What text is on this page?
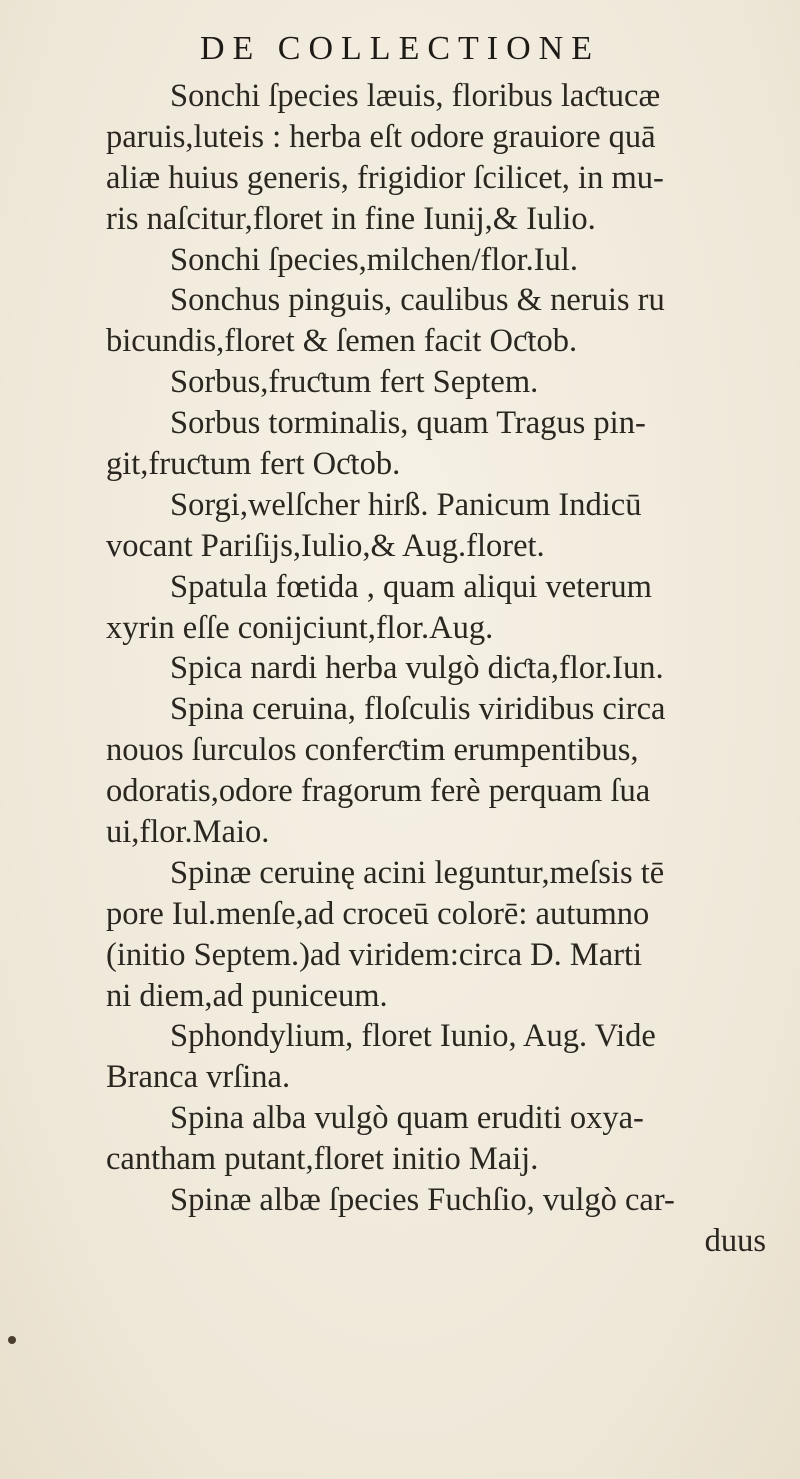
DE COLLECTIONE
Sonchi ſpecies læuis, floribus laƈtucæ
paruis,luteis : herba eſt odore grauiore quā
aliæ huius generis, frigidior ſcilicet, in mu-
ris naſcitur,floret in fine Iunij,& Iulio.
Sonchi ſpecies,milchen/flor.Iul.
Sonchus pinguis, caulibus & neruis ru
bicundis,floret & ſemen facit Oƈtob.
Sorbus,fruƈtum fert Septem.
Sorbus torminalis, quam Tragus pin-
git,fruƈtum fert Oƈtob.
Sorgi,welſcher hirß. Panicum Indicū
vocant Pariſijs,Iulio,& Aug.floret.
Spatula fœtida , quam aliqui veterum
xyrin eſſe conijciunt,flor.Aug.
Spica nardi herba vulgò diƈta,flor.Iun.
Spina ceruina, floſculis viridibus circa
nouos ſurculos conferƈtim erumpentibus,
odoratis,odore fragorum ferè perquam ſua
ui,flor.Maio.
Spinæ ceruinę acini leguntur,meſsis tē
pore Iul.menſe,ad croceū colorē: autumno
(initio Septem.)ad viridem:circa D. Marti
ni diem,ad puniceum.
Sphondylium, floret Iunio, Aug. Vide
Branca vrſina.
Spina alba vulgò quam eruditi oxya-
cantham putant,floret initio Maij.
Spinæ albæ ſpecies Fuchſio, vulgò car-
duus
